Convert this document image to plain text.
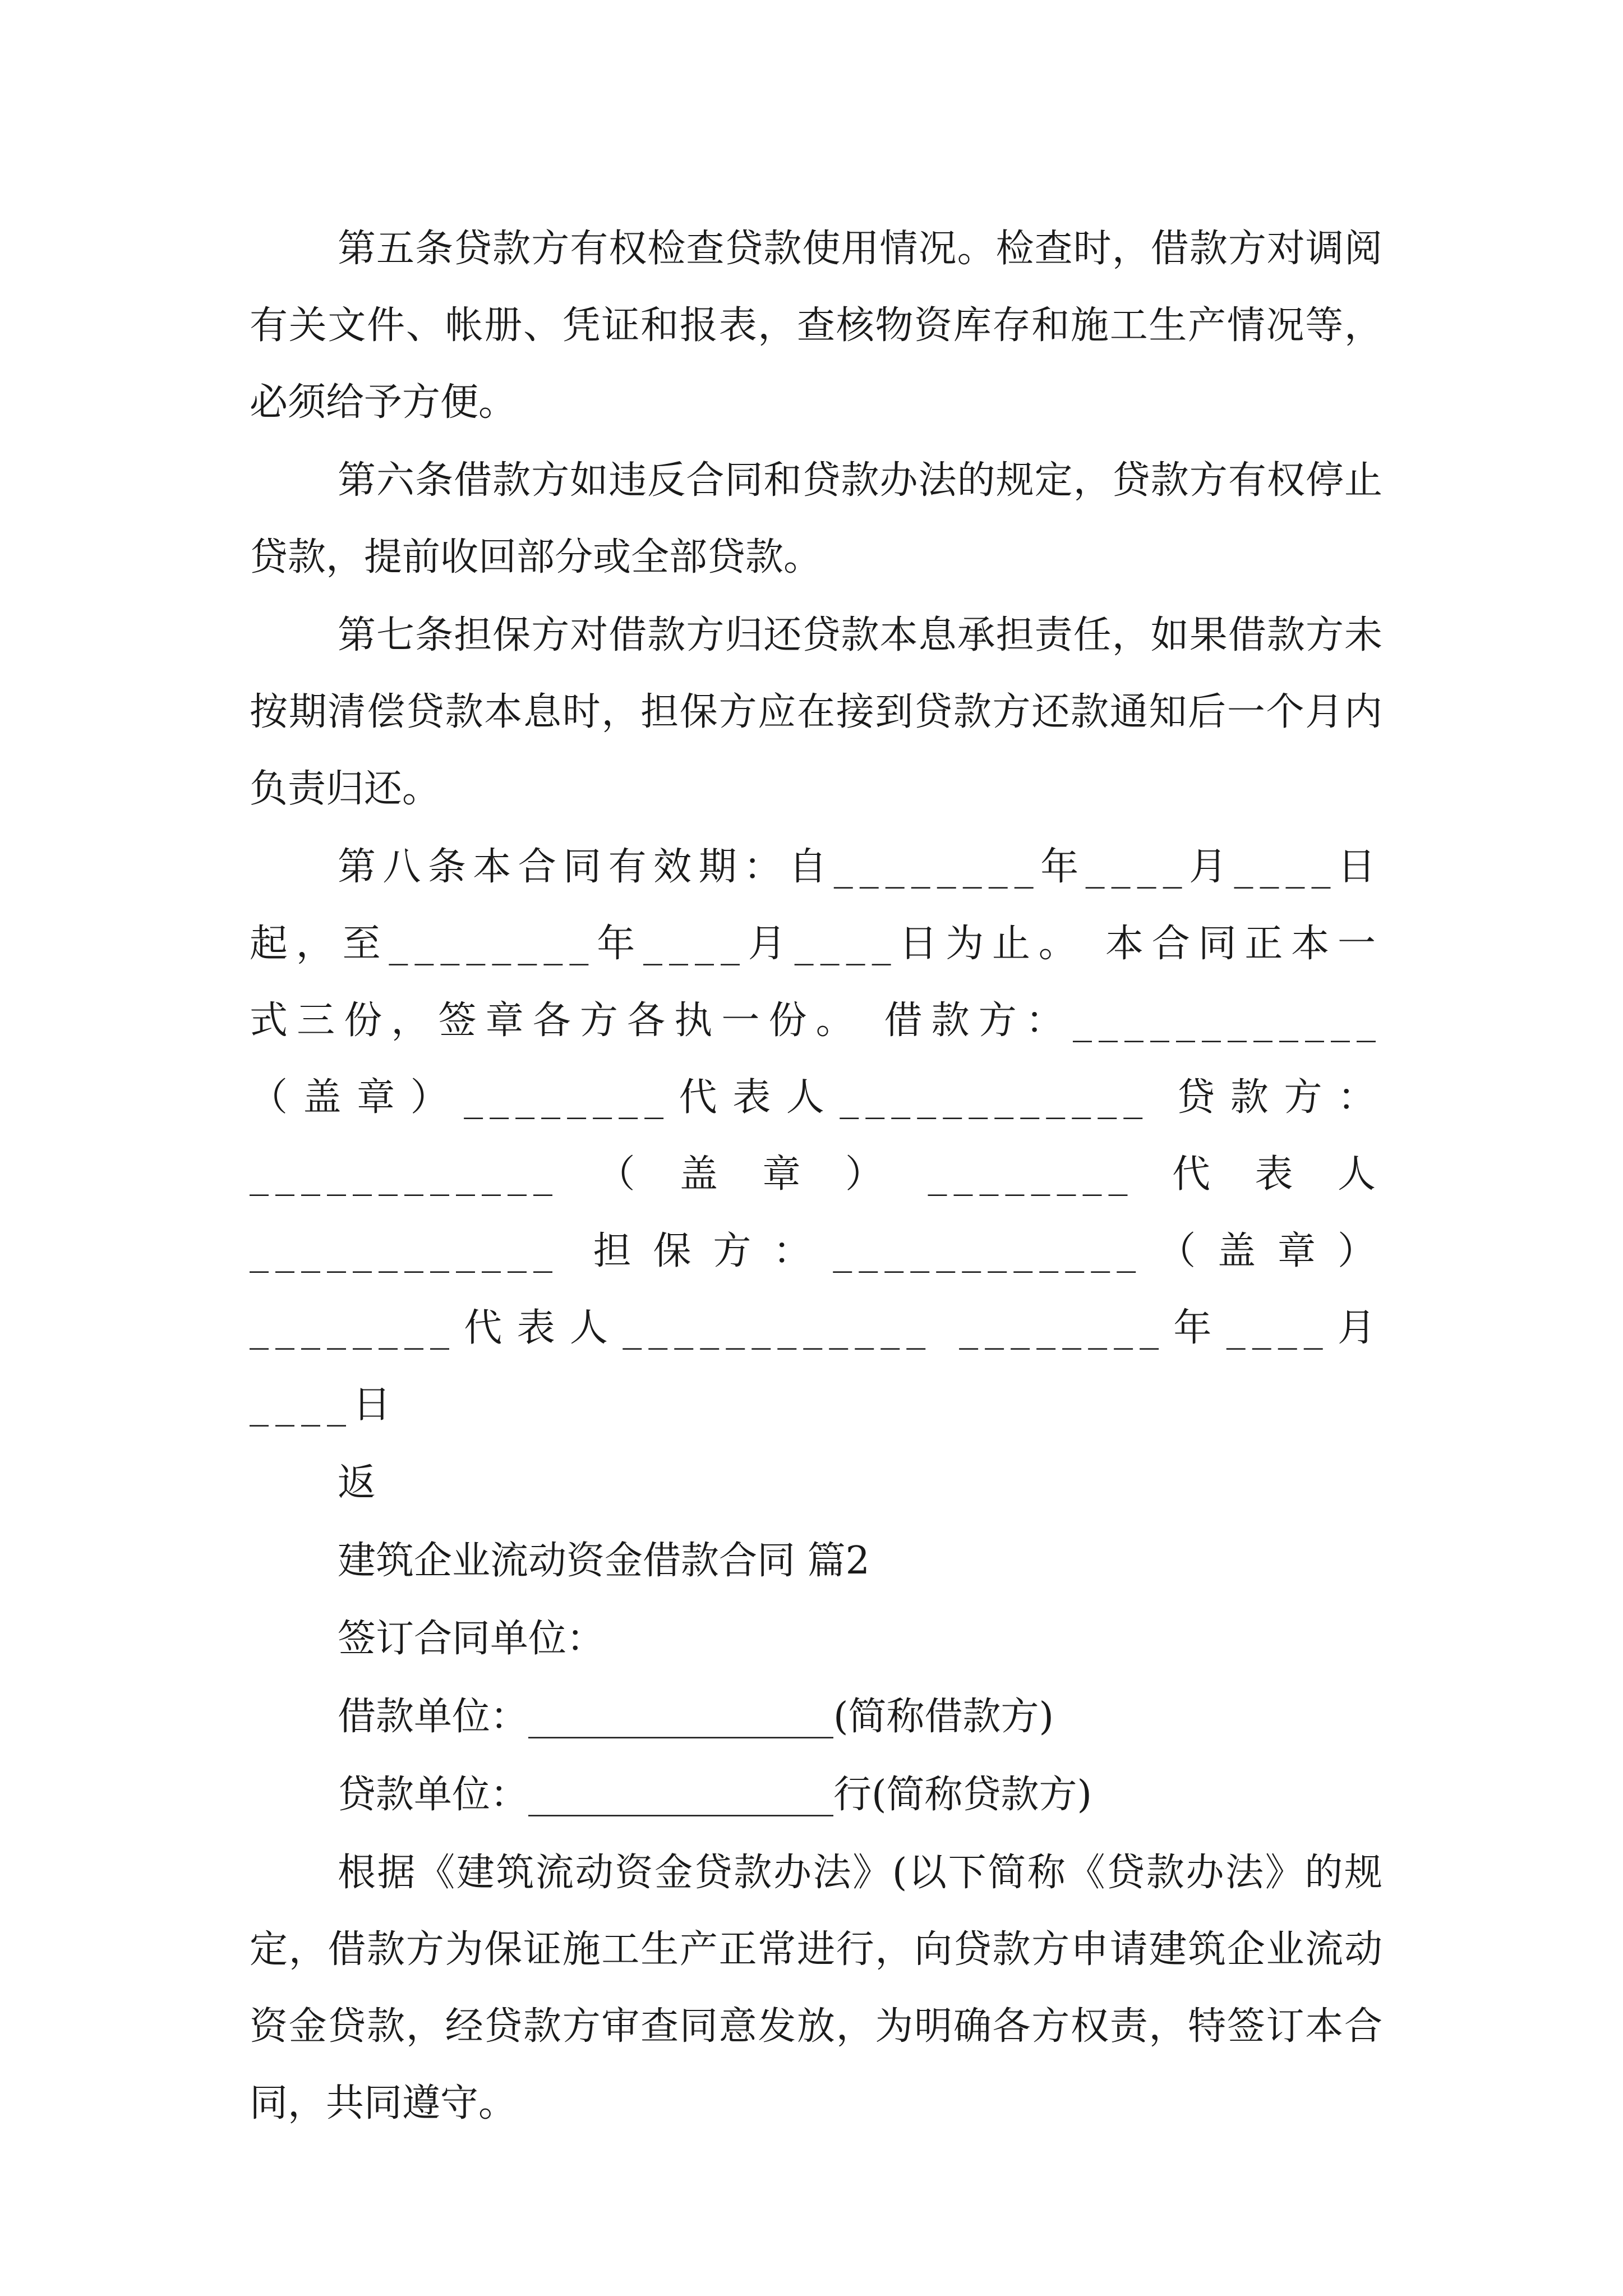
第五条贷款方有权检查贷款使用情况。检查时，借款方对调阅有关文件、帐册、凭证和报表，查核物资库存和施工生产情况等，必须给予方便。

第六条借款方如违反合同和贷款办法的规定，贷款方有权停止贷款，提前收回部分或全部贷款。

第七条担保方对借款方归还贷款本息承担责任，如果借款方未按期清偿贷款本息时，担保方应在接到贷款方还款通知后一个月内负责归还。

第八条本合同有效期：自________年____月____日起，至________年____月____日为止。 本合同正本一式三份，签章各方各执一份。 借款方：____________（盖章）________代表人____________ 贷款方：____________（盖章）________代表人____________ 担保方：____________（盖章）________代表人____________ ________年____月____日

返

建筑企业流动资金借款合同 篇2

签订合同单位：

借款单位：________________(简称借款方)

贷款单位：________________行(简称贷款方)

根据《建筑流动资金贷款办法》(以下简称《贷款办法》的规定，借款方为保证施工生产正常进行，向贷款方申请建筑企业流动资金贷款，经贷款方审查同意发放，为明确各方权责，特签订本合同，共同遵守。
